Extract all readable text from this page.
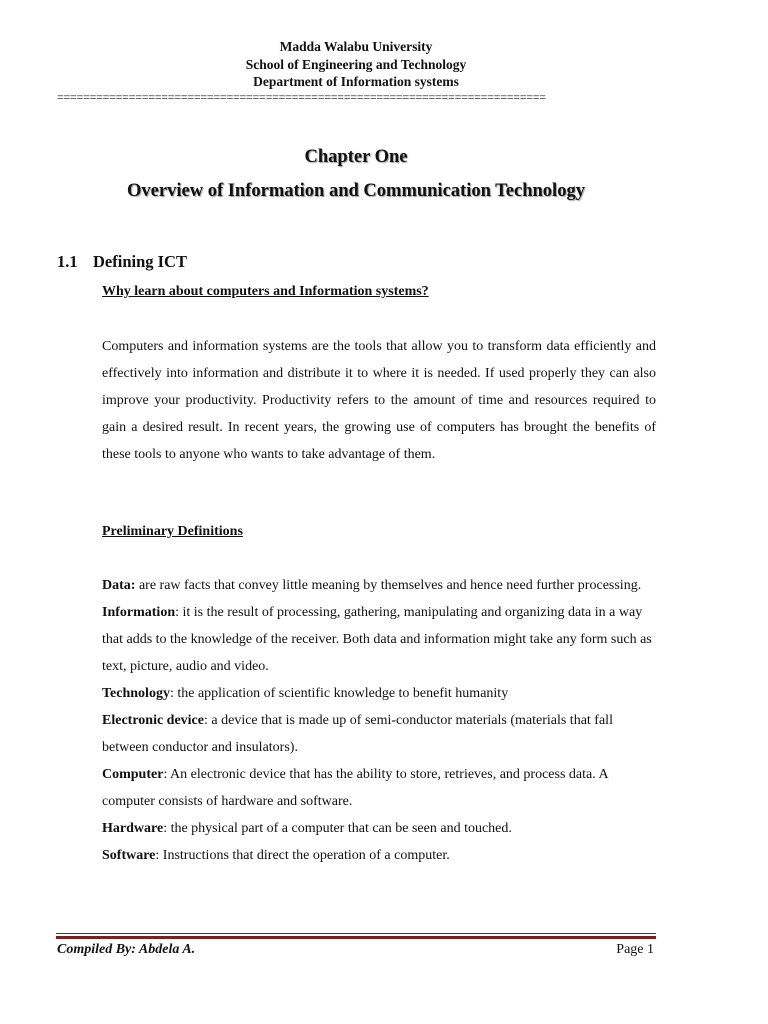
Madda Walabu University
School of Engineering and Technology
Department of Information systems
===========================================================================
Chapter One
Overview of Information and Communication Technology
1.1 Defining ICT
Why learn about computers and Information systems?

Computers and information systems are the tools that allow you to transform data efficiently and effectively into information and distribute it to where it is needed. If used properly they can also improve your productivity. Productivity refers to the amount of time and resources required to gain a desired result. In recent years, the growing use of computers has brought the benefits of these tools to anyone who wants to take advantage of them.

Preliminary Definitions

Data: are raw facts that convey little meaning by themselves and hence need further processing.

Information: it is the result of processing, gathering, manipulating and organizing data in a way that adds to the knowledge of the receiver. Both data and information might take any form such as text, picture, audio and video.

Technology: the application of scientific knowledge to benefit humanity

Electronic device: a device that is made up of semi-conductor materials (materials that fall between conductor and insulators).

Computer: An electronic device that has the ability to store, retrieves, and process data. A computer consists of hardware and software.

Hardware: the physical part of a computer that can be seen and touched.

Software: Instructions that direct the operation of a computer.

Compiled By: Abdela A.	Page 1
